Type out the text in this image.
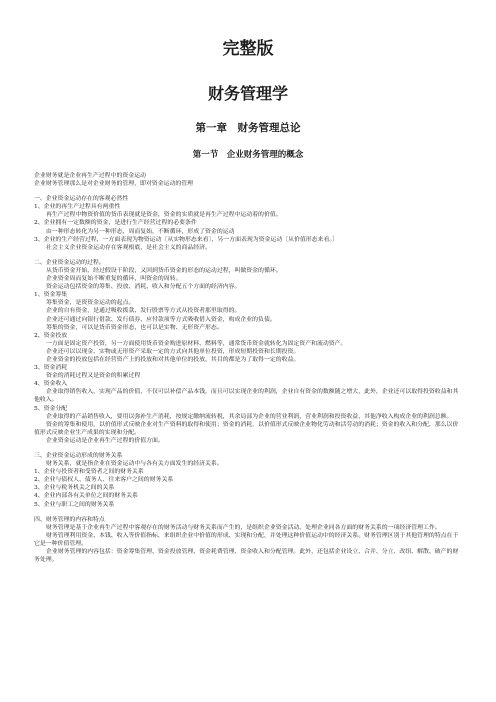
完整版
财务管理学
第一章　财务管理总论
第一节　企业财务管理的概念

企业财务就是企业再生产过程中的资金运动

企业财务管理那么是对企业财务的管理，即对资金运动的管理

一、企业资金运动存在的客观必然性

1、企业的再生产过程具有两重性

再生产过程中物资价值的货币表现就是资金，资金的实质就是再生产过程中运动着的价值。

2、企业拥有一定数额的资金，是进行生产经营过程的必要条件

由一种形态转化为另一种形态，周而复始，不断循环，形成了资金的运动

3、企业的生产经营过程，一方面表现为物资运动〔从实物形态来看〕，另一方面表现为资金运动〔从价值形态来看。〕

社会主义企业资金运动存在客观根底，是社会主义的商品经济。

二、企业资金运动的过程。

从货币资金开始，经过假设干阶段，又回到货币资金的形态的运动过程，叫做资金的循环。

企业资金周而复始不断重复的循环，叫资金的周转。

资金运动包括资金的筹集、投放、消耗、收入和分配五个方面的经济内容。

1、资金筹集

筹集资金，是资资金运动的起点。

企业的自有资金，是通过吸收拨款、发行股票等方式从投资者那里取得的。

企业还可通过向银行借款、发行债券、应付款项等方式吸收借入资金，构成企业的负债。

筹集的资金，可以是货币资金形态，也可以是实物、无形资产形态。

2、资金投放

一方面是固定资产投资，另一方面使用货币资金购进原材料、燃料等，通常货币资金就转化为固定资产和流动资产。

企业还可以以现金、实物或无形资产采取一定的方式向其他单位投资，形成短期投资和长期投资。

企业资金的投放包括在经营资产上的投放和对其他单位的投放，其目的都是为了取得一定的收益。

3、资金消耗

资金的消耗过程又是资金的积累过程

4、资金收入

企业取得销售收入，实现产品的价值，不仅可以补偿产品本钱，而且可以实现企业的利润，企业自有资金的数额随之增大，此外，企业还可以取得投资收益和其他收入。

5、资金分配

企业取得的产品销售收入，要用以弥补生产消耗，按规定缴纳流转税，其余局部为企业的营业利润，营业利润和投资收益、其他净收入构成企业的利润总额。

资金的筹集和使用，以价值形式反映企业对生产资料的取得和使用；资金的消耗，以价值形式反映企业物化劳动和活劳动的消耗；资金的收入和分配，那么以价值形式反映企业生产成果的实现和分配。

企业资金运动是企业再生产过程的价值方面。

三、企业资金运动形成的财务关系

财务关系，就是指企业在资金运动中与各有关方面发生的经济关系。

1、企业与投资者和受资者之间的财务关系

2、企业与债权人、债务人、往来客户之间的财务关系

3、企业与税务机关之间的关系

4、企业内部各有关单位之间的财务关系

5、企业与职工之间的财务关系

四、财务管理的内容和特点

财务管理是基于企业再生产过程中客观存在的财务活动与财务关系而产生的，是组织企业资金活动、处理企业同各方面的财务关系的一项经济管理工作。

财务管理利用资金、本钱、收入等价值指标，来组织企业中价值的形成、实现和分配，并处理这种价值运动中的经济关系。财务管理区别于其他管理的特点在于它是一种价值管理。

企业财务管理的内容包括：资金筹集管理、资金投放管理、资金耗费管理、资金收入和分配管理。此外，还包括企业设立、合并、分立、改组、解散、破产的财务处理。
